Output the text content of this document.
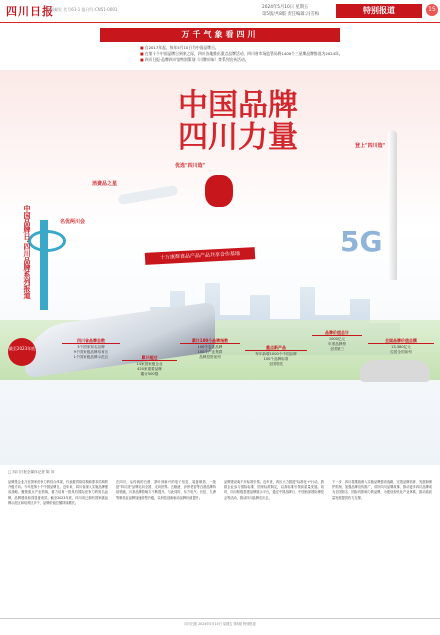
四川日报
中国邮发 代号61-1 报刊号:CN51-0001	2024年5月10日 星期五
第5版/共8版 责任编辑:冯雪梅	特别报道	15
万千气象看四川
■ 自2017年起，每年5月10日为中国品牌日。
■ 在第十个中国品牌日到来之际，四川各地推出重点品牌活动，四川省市场监管局将1400个三星期品牌推选为2024年。
■ 四川日报·品牌四川馆特别策划《川牌川味》等系列宣传活动。
5G
中国品牌
四川力量
中国品牌日·四川品牌系列报道
优选"四川造"
登上"四川造"
消费品之星
名优两川会
十万康辉食品产品产品共享合作基地
四川省品牌总数
3个国家知名品牌
9个国家级品牌培育区
1个国家级品牌示范区	累计超过
14家国家级企业
420家重要品牌
累计500强
累计100个品牌指数
100个农业品牌
100个产业集群
品牌投资前列
重点新产品
每年新增1000个中国品牌
100个品牌标准
全国领先
品牌价值总计
1000亿元
年度品牌榜
全国第三
全国品牌价值总额
13,380亿元
位居全国前列
截至2023年底
□ 四川日报全媒体记者 陈 冲
品牌是企业乃至国家竞争力的综合体现，代表着供给结构和需求结构的升级方向。今年是第十个中国品牌日。近年来，四川省深入实施品牌强省战略，聚焦重点产业领域，着力培育一批具有国际竞争力的知名品牌，品牌建设取得显著成效。截至2023年底，四川省已拥有国家级品牌示范区和培育区多个，品牌价值总额持续增长。
在四川，从传统的白酒、茶叶到新兴的电子信息、装备制造，一批批"四川造"品牌走向全国、走向世界。五粮液、泸州老窖等白酒品牌持续领跑，川茶品牌影响力不断提升。与此同时，东方电气、长虹、九洲等制造业品牌加速转型升级，以科技创新驱动品牌价值提升。
品牌建设离不开标准引领。近年来，四川大力推进"标准化+"行动，鼓励企业参与国际标准、国家标准制定，以高标准引领高质量发展。同时，四川积极搭建品牌展示平台，通过中国品牌日、中国西部国际博览会等活动，推动四川品牌走出去。
下一步，四川将继续深入实施品牌强省战略，完善品牌培育、发展和保护机制，加强品牌宣传推广，讲好四川品牌故事，推动更多四川品牌成为全国知名、国际有影响力的品牌，为建设现代化产业体系、推动高质量发展提供有力支撑。
四川日报 2024年5月10日 星期五 第5版 特别报道
